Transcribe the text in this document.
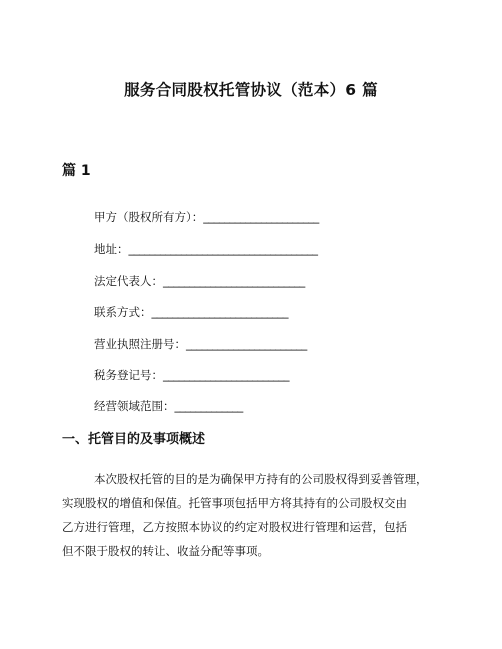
服务合同股权托管协议（范本）6 篇
篇 1
甲方（股权所有方）：______________________
地址：____________________________________
法定代表人：___________________________
联系方式：__________________________
营业执照注册号：_______________________
税务登记号：________________________
经营领域范围：_____________
一、托管目的及事项概述
本次股权托管的目的是为确保甲方持有的公司股权得到妥善管理，
实现股权的增值和保值。托管事项包括甲方将其持有的公司股权交由
乙方进行管理，乙方按照本协议的约定对股权进行管理和运营，包括
但不限于股权的转让、收益分配等事项。
